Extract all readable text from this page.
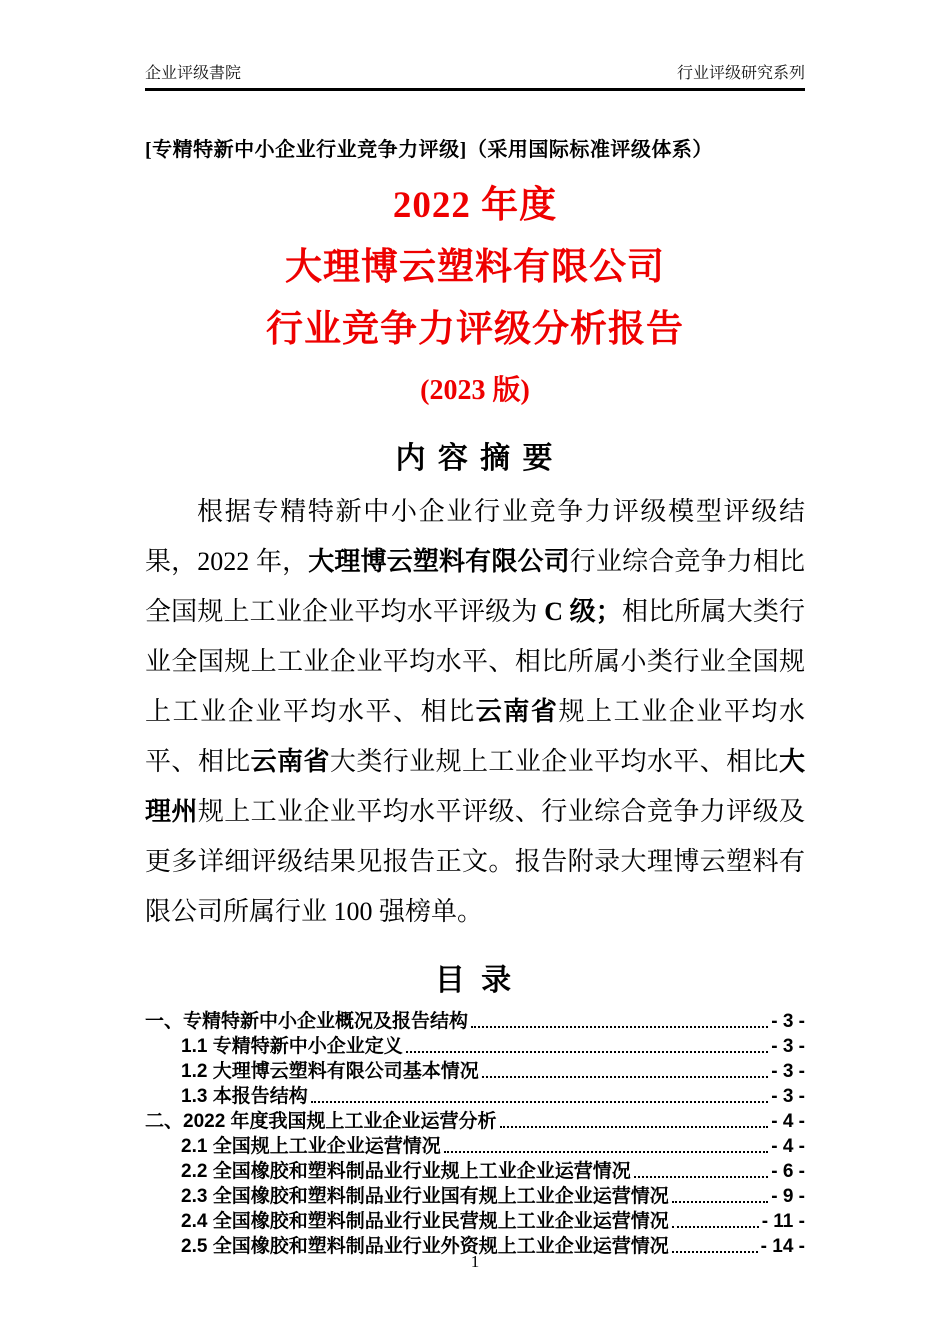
企业评级書院	行业评级研究系列
[专精特新中小企业行业竞争力评级]（采用国际标准评级体系）
2022 年度
大理博云塑料有限公司
行业竞争力评级分析报告
(2023 版)
内 容 摘 要

根据专精特新中小企业行业竞争力评级模型评级结果，2022 年，大理博云塑料有限公司行业综合竞争力相比全国规上工业企业平均水平评级为 C 级；相比所属大类行业全国规上工业企业平均水平、相比所属小类行业全国规上工业企业平均水平、相比云南省规上工业企业平均水平、相比云南省大类行业规上工业企业平均水平、相比大理州规上工业企业平均水平评级、行业综合竞争力评级及更多详细评级结果见报告正文。报告附录大理博云塑料有限公司所属行业 100 强榜单。

目 录
一、专精特新中小企业概况及报告结构	- 3 -
1.1 专精特新中小企业定义	- 3 -
1.2 大理博云塑料有限公司基本情况	- 3 -
1.3 本报告结构	- 3 -
二、2022 年度我国规上工业企业运营分析	- 4 -
2.1 全国规上工业企业运营情况	- 4 -
2.2 全国橡胶和塑料制品业行业规上工业企业运营情况	- 6 -
2.3 全国橡胶和塑料制品业行业国有规上工业企业运营情况	- 9 -
2.4 全国橡胶和塑料制品业行业民营规上工业企业运营情况	- 11 -
2.5 全国橡胶和塑料制品业行业外资规上工业企业运营情况	- 14 -
1
